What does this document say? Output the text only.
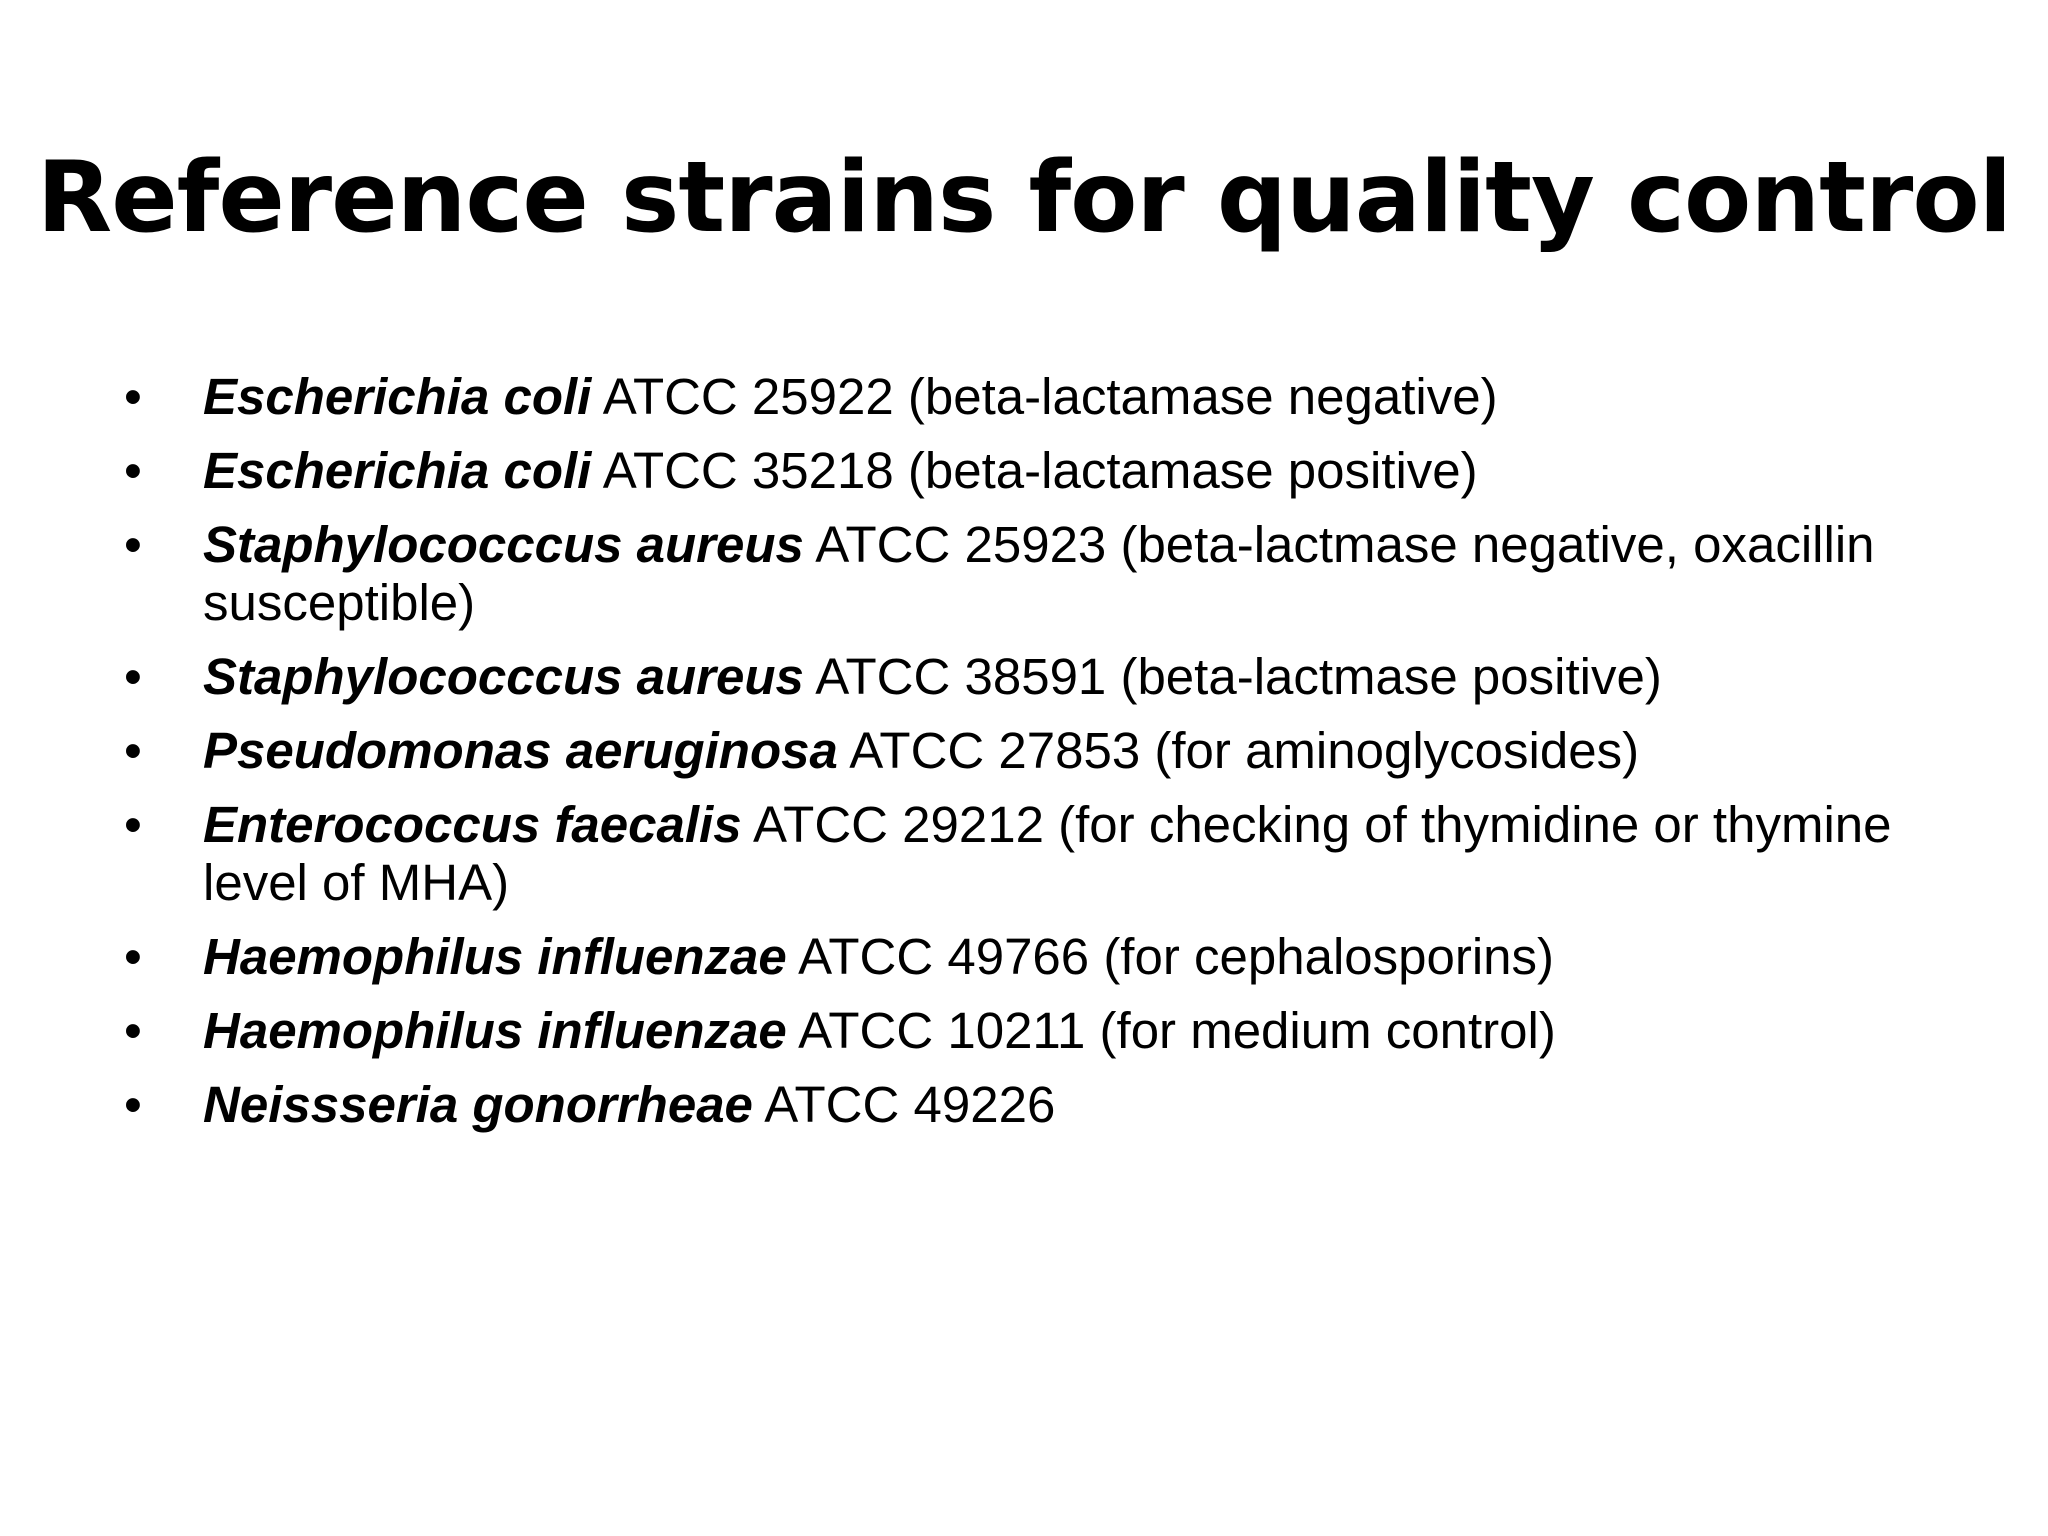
Reference strains for quality control
•	Escherichia coli ATCC 25922 (beta-lactamase negative)
•	Escherichia coli ATCC 35218 (beta-lactamase positive)
•	Staphylococccus aureus ATCC 25923 (beta-lactmase negative, oxacillin susceptible)
•	Staphylococccus aureus ATCC 38591 (beta-lactmase positive)
•	Pseudomonas aeruginosa ATCC 27853 (for aminoglycosides)
•	Enterococcus faecalis ATCC 29212 (for checking of thymidine or thymine level of MHA)
•	Haemophilus influenzae ATCC 49766 (for cephalosporins)
•	Haemophilus influenzae ATCC 10211 (for medium control)
•	Neissseria gonorrheae ATCC 49226
